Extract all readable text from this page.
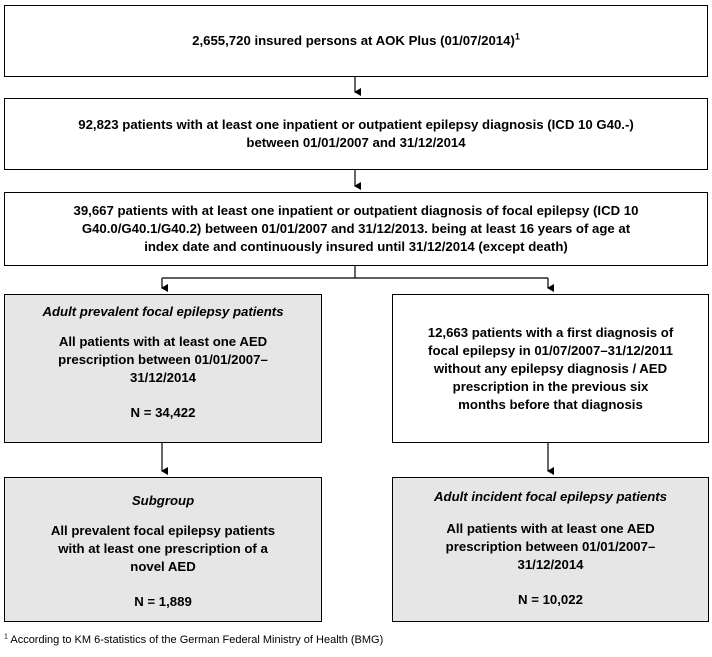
2,655,720 insured persons at AOK Plus $(01/07/2014)^1$
92,823 patients with at least one inpatient or outpatient epilepsy diagnosis (ICD 10 G40.-)
between 01/01/2007 and 31/12/2014
39,667 patients with at least one inpatient or outpatient diagnosis of focal epilepsy (ICD 10
G40.0/G40.1/G40.2) between 01/01/2007 and 31/12/2013. being at least 16 years of age at
index date and continuously insured until 31/12/2014 (except death)
Adult prevalent focal epilepsy patients
All patients with at least one AED
prescription between 01/01/2007–
31/12/2014
N = 34,422
12,663 patients with a first diagnosis of
focal epilepsy in 01/07/2007–31/12/2011
without any epilepsy diagnosis / AED
prescription in the previous six
months before that diagnosis
Subgroup
All prevalent focal epilepsy patients
with at least one prescription of a
novel AED
N = 1,889
Adult incident focal epilepsy patients
All patients with at least one AED
prescription between 01/01/2007–
31/12/2014
N = 10,022
$^1$ According to KM 6-statistics of the German Federal Ministry of Health (BMG)
